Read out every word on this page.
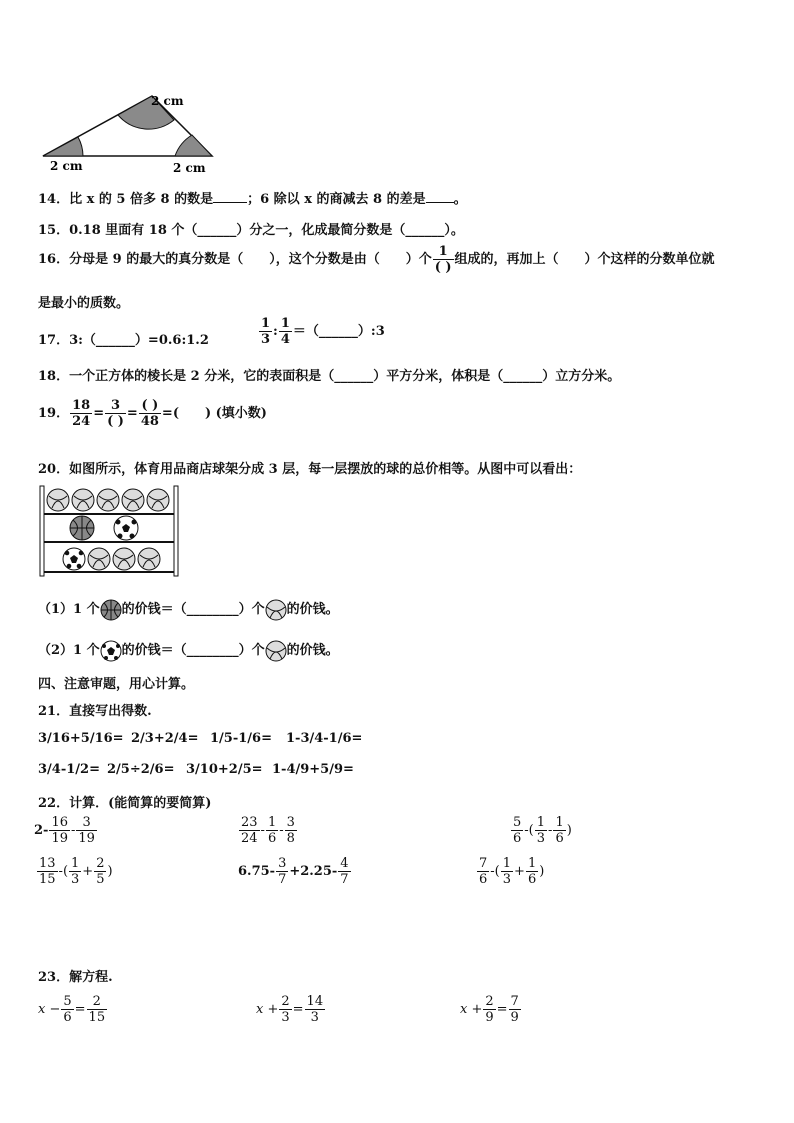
2 cm
2 cm	2 cm
14．比 x 的 5 倍多 8 的数是	；6 除以 x 的商减去 8 的差是 。
15．0.18 里面有 18 个（______）分之一，化成最简分数是（______）。
16．分母是 9 的最大的真分数是（　　），这个分数是由（　　）个 $\frac{1}{( )}$ 组成的，再加上（　　）个这样的分数单位就
是最小的质数。
17．3:（______）=0.6:1.2	$\frac{1}{3}$ : $\frac{1}{4}$ ＝（______）:3
18．一个正方体的棱长是 2 分米，它的表面积是（______）平方分米，体积是（______）立方分米。
19． $\frac{18}{24} = \frac{3}{( )} = \frac{( )}{48}$ =(　　) (填小数)
20．如图所示，体育用品商店球架分成 3 层，每一层摆放的球的总价相等。从图中可以看出：
（1）1 个 的价钱＝（________）个 的价钱。
（2）1 个 的价钱＝（________）个 的价钱。
四、注意审题，用心计算。
21．直接写出得数.
3/16+5/16= 2/3+2/4= 1/5-1/6= 1-3/4-1/6=
3/4-1/2= 2/5÷2/6= 3/10+2/5= 1-4/9+5/9=
22．计算．(能简算的要简算)
$2- \frac{16}{19} - \frac{3}{19}$	$\frac{23}{24} - \frac{1}{6} - \frac{3}{8}$	$\frac{5}{6}$ -( $\frac{1}{3} - \frac{1}{6}$ )
$\frac{13}{15}$ -( $\frac{1}{3} + \frac{2}{5}$ )	$6.75- \frac{3}{7} +2.25- \frac{4}{7}$	$\frac{7}{6}$ -( $\frac{1}{3} + \frac{1}{6}$ )
23．解方程.
$x - \frac{5}{6} = \frac{2}{15}$	$x + \frac{2}{3} = \frac{14}{3}$	$x + \frac{2}{9} = \frac{7}{9}$
